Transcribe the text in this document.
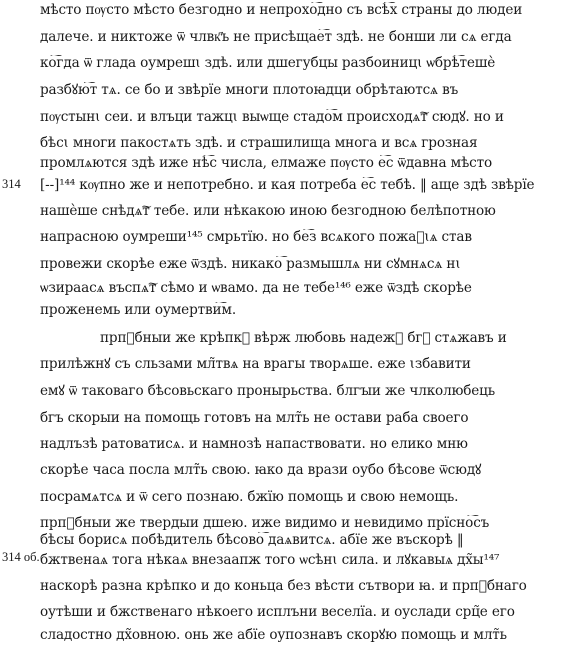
314
314 об.
мѣсто пѹсто мѣсто безгодно и непрохо͠дно съ всѣ͠х страны до людеи
далече. и никтоже ѿ члвк҃ъ не присѣщае͠т здѣ. не бонши ли сѧ егда
ко͠гда ѿ глада оумрешꙇ здѣ. или дшегубцы разбоиницꙇ ѡбрѣ͠тешѐ
разбꙋю͠т тѧ. се бо и звѣрїе многи плотоꙗдци обрѣтаютсѧ въ
пѹстынꙇ сеи. и влъци тажцꙇ выѡще стадо͠м происходѧ͠т сюдꙋ. но и
бѣсꙇ многи пакостѧть здѣ. и страшилища многа и всѧ грозная
промлѧются здѣ иже нѣ͠с числа, елмаже пѹсто е͠с ѿдавна мѣсто
[--]¹⁴⁴ кѹпно же и непотребно. и кая потреба е͠с тебѣ. ‖ аще здѣ звѣрїе
нашѐше снѣдѧ͠т тебе. или нѣкакою иною безгодною белѣпотною
напрасною оумреши¹⁴⁵ смрьтїю. но бе͠з всѧкого пожаⷩꙇѧ став
провежи скорѣе еже ѿздѣ. никако͠ размышлѧ ни сꙋмнѧсѧ нꙇ
ѡзираасѧ въспѧ͠т сѣмо и ѡвамо. да не тебе¹⁴⁶ еже ѿздѣ скорѣе
проженемь или оумертви͠м.
прпⷣбныи же крѣпкꙋ вѣрж любовь надежꙋ бгꙋ стѧжавъ и
прилѣжнꙋ съ сльзами мл̃твѧ на врагы творѧше. еже ꙇзбавити
емꙋ ѿ таковаго бѣсовьскаго пронырьства. блгꙑи же члколюбець
бгъ скорыи на помощь готовъ на млт̃ь не остави раба своего
надлъзѣ ратоватисѧ. и намнозѣ напаствовати. но елико мню
скорѣе часа посла млт̃ь свою. ꙗко да врази оубо бѣсове ѿсюдꙋ
посрамѧтсѧ и ѿ сего познаю. бжїю помощь и свою немощь.
прпⷣбныи же твердыи дшею. иже видимо и невидимо прїсно͠съ
бѣсы борисѧ побѣдитель бѣсово͠ даѧвитсѧ. абїе же въскорѣ ‖
бжтвенаѧ тога нѣкаѧ внезаапж того ѡсѣнꙇ сила. и лꙋкавыѧ дх̃ы¹⁴⁷
наскорѣ разна крѣпко и до коньца без вѣсти сътвори ꙗ. и прпⷣбнаго
оутѣши и бжственаго нѣкоего исплъни веселїа. и оуслади срц̃е его
сладостно дх̃овною. онь же абїе оупознавъ скорꙋю помощь и млт̃ь
